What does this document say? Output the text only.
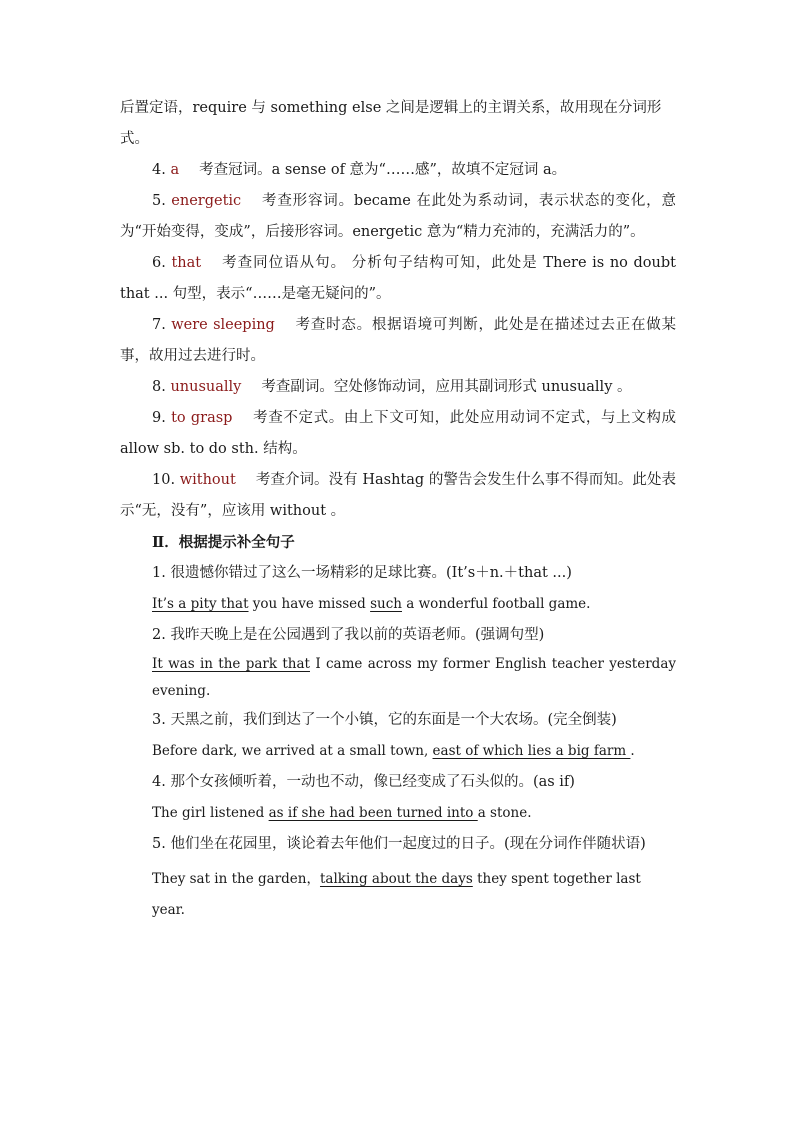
后置定语，require 与 something else 之间是逻辑上的主谓关系，故用现在分词形

式。

4. a 考查冠词。a sense of 意为“……感”，故填不定冠词 a。

5. energetic 考查形容词。became 在此处为系动词，表示状态的变化，意为“开始变得，变成”，后接形容词。energetic 意为“精力充沛的，充满活力的”。

6. that 考查同位语从句。 分析句子结构可知，此处是 There is no doubt that ... 句型，表示“……是毫无疑问的”。

7. were sleeping 考查时态。根据语境可判断，此处是在描述过去正在做某事，故用过去进行时。

8. unusually 考查副词。空处修饰动词，应用其副词形式 unusually 。

9. to grasp 考查不定式。由上下文可知，此处应用动词不定式，与上文构成 allow sb. to do sth. 结构。

10. without 考查介词。没有 Hashtag 的警告会发生什么事不得而知。此处表示“无，没有”，应该用 without 。

Ⅱ．根据提示补全句子

1. 很遗憾你错过了这么一场精彩的足球比赛。(It’s＋n.＋that ...)

It’s a pity that you have missed such a wonderful football game.

2. 我昨天晚上是在公园遇到了我以前的英语老师。(强调句型)

It was in the park that I came across my former English teacher yesterday evening.

3. 天黑之前，我们到达了一个小镇，它的东面是一个大农场。(完全倒装)

Before dark, we arrived at a small town, east of which lies a big farm .

4. 那个女孩倾听着，一动也不动，像已经变成了石头似的。(as if)

The girl listened as if she had been turned into a stone.

5. 他们坐在花园里，谈论着去年他们一起度过的日子。(现在分词作伴随状语)

They sat in the garden，talking about the days they spent together last year.
